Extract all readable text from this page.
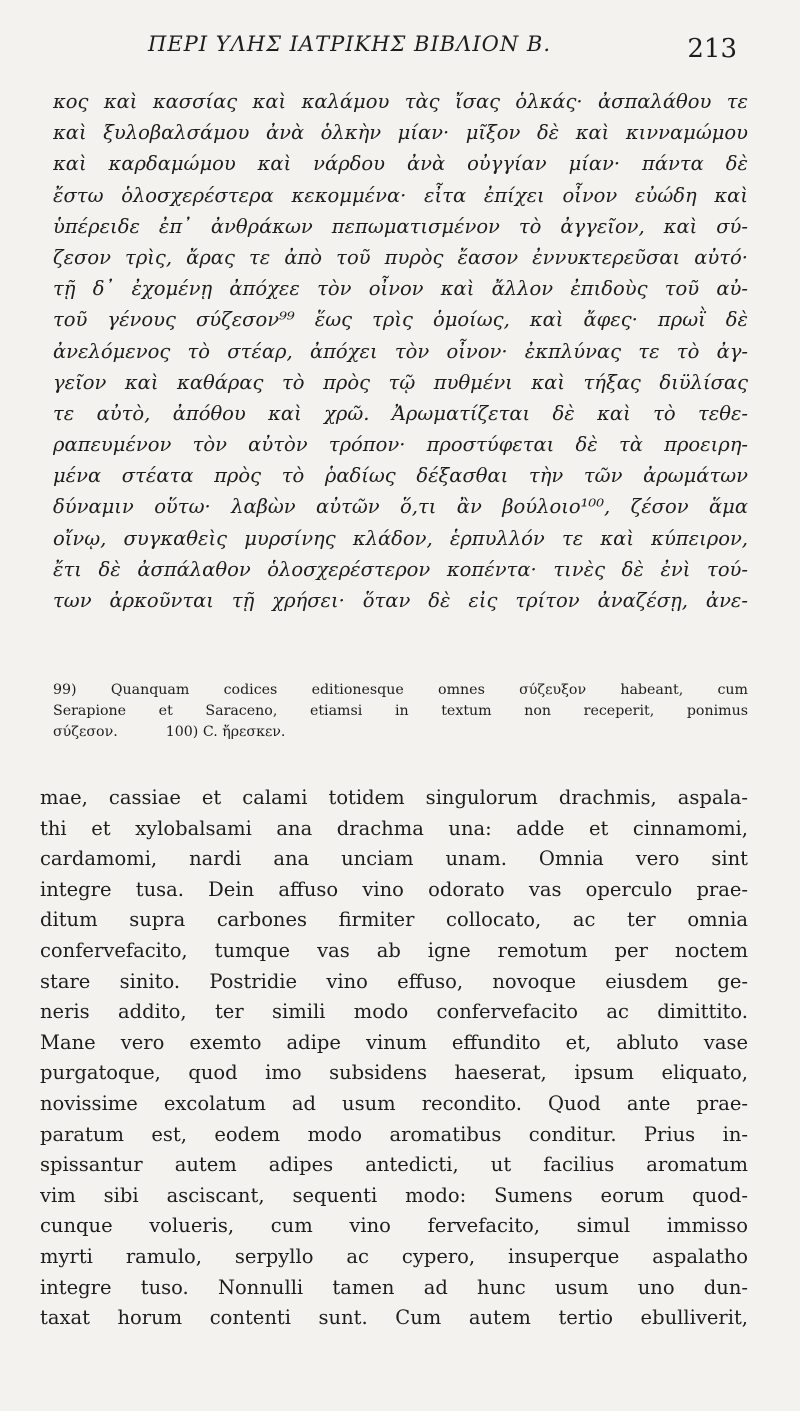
ΠΕΡΙ ΥΛΗΣ ΙΑΤΡΙΚΗΣ ΒΙΒΛΙΟΝ Β.	213
κος καὶ κασσίας καὶ καλάμου τὰς ἴσας ὁλκάς· ἀσπαλάθου τε
καὶ ξυλοβαλσάμου ἀνὰ ὁλκὴν μίαν· μῖξον δὲ καὶ κινναμώμου
καὶ καρδαμώμου καὶ νάρδου ἀνὰ οὐγγίαν μίαν· πάντα δὲ
ἔστω ὁλοσχερέστερα κεκομμένα· εἶτα ἐπίχει οἶνον εὐώδη καὶ
ὑπέρειδε ἐπ᾽ ἀνθράκων πεπωματισμένον τὸ ἀγγεῖον, καὶ σύ-
ζεσον τρὶς, ἄρας τε ἀπὸ τοῦ πυρὸς ἔασον ἐννυκτερεῦσαι αὐτό·
τῇ δ᾽ ἐχομένῃ ἀπόχεε τὸν οἶνον καὶ ἄλλον ἐπιδοὺς τοῦ αὐ-
τοῦ γένους σύζεσον⁹⁹ ἕως τρὶς ὁμοίως, καὶ ἄφες· πρωῒ δὲ
ἀνελόμενος τὸ στέαρ, ἀπόχει τὸν οἶνον· ἐκπλύνας τε τὸ ἀγ-
γεῖον καὶ καθάρας τὸ πρὸς τῷ πυθμένι καὶ τήξας διϋλίσας
τε αὐτὸ, ἀπόθου καὶ χρῶ. Ἀρωματίζεται δὲ καὶ τὸ τεθε-
ραπευμένον τὸν αὐτὸν τρόπον· προστύφεται δὲ τὰ προειρη-
μένα στέατα πρὸς τὸ ῥαδίως δέξασθαι τὴν τῶν ἀρωμάτων
δύναμιν οὕτω· λαβὼν αὐτῶν ὅ,τι ἂν βούλοιο¹⁰⁰, ζέσον ἅμα
οἴνῳ, συγκαθεὶς μυρσίνης κλάδον, ἑρπυλλόν τε καὶ κύπειρον,
ἔτι δὲ ἀσπάλαθον ὁλοσχερέστερον κοπέντα· τινὲς δὲ ἐνὶ τού-
των ἀρκοῦνται τῇ χρήσει· ὅταν δὲ εἰς τρίτον ἀναζέσῃ, ἀνε-
99) Quanquam codices editionesque omnes σύζευξον habeant, cum
Serapione et Saraceno, etiamsi in textum non receperit, ponimus
σύζεσον.	100) C. ἤρεσκεν.
mae, cassiae et calami totidem singulorum drachmis, aspala-
thi et xylobalsami ana drachma una: adde et cinnamomi,
cardamomi, nardi ana unciam unam. Omnia vero sint
integre tusa. Dein affuso vino odorato vas operculo prae-
ditum supra carbones firmiter collocato, ac ter omnia
confervefacito, tumque vas ab igne remotum per noctem
stare sinito. Postridie vino effuso, novoque eiusdem ge-
neris addito, ter simili modo confervefacito ac dimittito.
Mane vero exemto adipe vinum effundito et, abluto vase
purgatoque, quod imo subsidens haeserat, ipsum eliquato,
novissime excolatum ad usum recondito. Quod ante prae-
paratum est, eodem modo aromatibus conditur. Prius in-
spissantur autem adipes antedicti, ut facilius aromatum
vim sibi asciscant, sequenti modo: Sumens eorum quod-
cunque volueris, cum vino fervefacito, simul immisso
myrti ramulo, serpyllo ac cypero, insuperque aspalatho
integre tuso. Nonnulli tamen ad hunc usum uno dun-
taxat horum contenti sunt. Cum autem tertio ebulliverit,
